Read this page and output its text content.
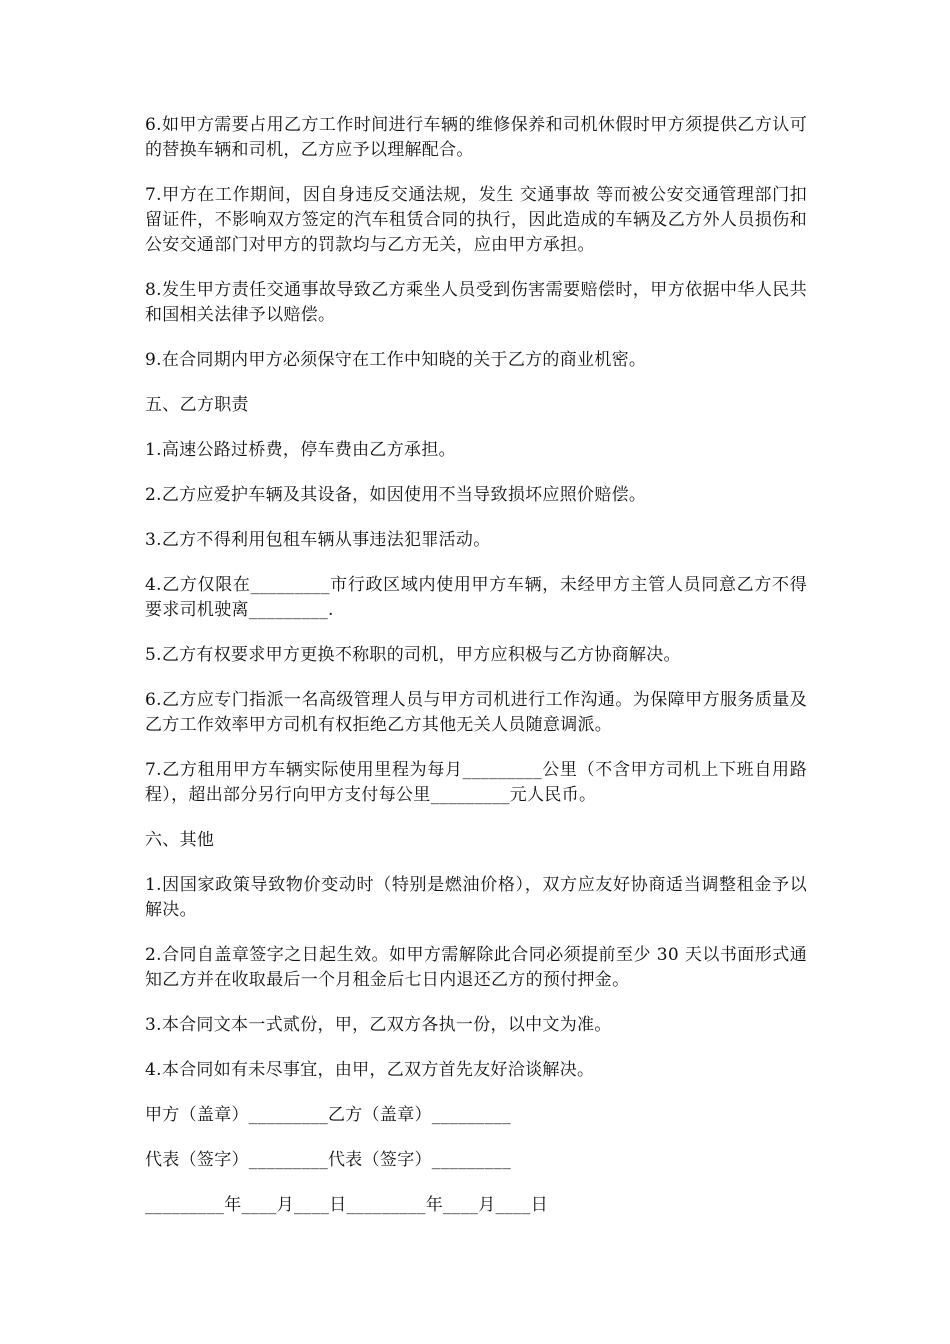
6.如甲方需要占用乙方工作时间进行车辆的维修保养和司机休假时甲方须提供乙方认可的替换车辆和司机，乙方应予以理解配合。

7.甲方在工作期间，因自身违反交通法规，发生 交通事故 等而被公安交通管理部门扣留证件，不影响双方签定的汽车租赁合同的执行，因此造成的车辆及乙方外人员损伤和公安交通部门对甲方的罚款均与乙方无关，应由甲方承担。

8.发生甲方责任交通事故导致乙方乘坐人员受到伤害需要赔偿时，甲方依据中华人民共和国相关法律予以赔偿。

9.在合同期内甲方必须保守在工作中知晓的关于乙方的商业机密。

五、乙方职责

1.高速公路过桥费，停车费由乙方承担。

2.乙方应爱护车辆及其设备，如因使用不当导致损坏应照价赔偿。

3.乙方不得利用包租车辆从事违法犯罪活动。

4.乙方仅限在_________市行政区域内使用甲方车辆，未经甲方主管人员同意乙方不得要求司机驶离_________.

5.乙方有权要求甲方更换不称职的司机，甲方应积极与乙方协商解决。

6.乙方应专门指派一名高级管理人员与甲方司机进行工作沟通。为保障甲方服务质量及乙方工作效率甲方司机有权拒绝乙方其他无关人员随意调派。

7.乙方租用甲方车辆实际使用里程为每月_________公里（不含甲方司机上下班自用路程），超出部分另行向甲方支付每公里_________元人民币。

六、其他

1.因国家政策导致物价变动时（特别是燃油价格），双方应友好协商适当调整租金予以解决。

2.合同自盖章签字之日起生效。如甲方需解除此合同必须提前至少 30 天以书面形式通知乙方并在收取最后一个月租金后七日内退还乙方的预付押金。

3.本合同文本一式贰份，甲，乙双方各执一份，以中文为准。

4.本合同如有未尽事宜，由甲，乙双方首先友好洽谈解决。

甲方（盖章）_________乙方（盖章）_________

代表（签字）_________代表（签字）_________

_________年____月____日_________年____月____日
